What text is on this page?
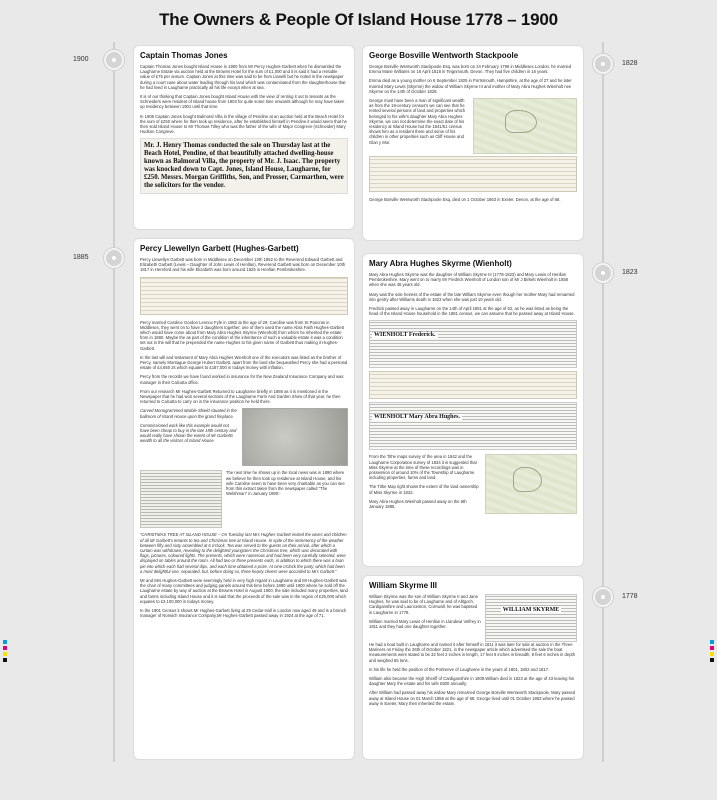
The Owners & People Of Island House 1778 – 1900
1900
1885
1828
1823
1778
Captain Thomas Jones

Captain Thomas Jones bought Island House in 1900 from Mr Percy Hughes-Garbett when he dismantled the Laugharne Estate via auction held at the Browns Hotel for the sum of £1,000 and it is said it had a rentable value of £75 per annum. Captain Jones at this time was said to be from Llanelli but he noted in the newspaper during a court case about water leading through his land which was contaminated from the slaughterhouse that he had lived in Laugharne practically all his life except when at sea.

It is of our thinking that Captain Jones bought Island House with the view of renting it out to tenants as the Schneiders were resident of Island house from 1903 for quite some time onwards although he may have taken up residency between 1901 until that time.

In 1908 Captain Jones bought Balmoral Villa in the village of Pendine at an auction held at the Beach Hotel for the sum of £250 where he then took up residence, after he established himself in Pendine it would seem that he then sold Island House to Mr Thomas Tilley who was the father of the wife of Major Congreve (Schneider) Mary Hudson Congreve.

Mr. J. Henry Thomas conducted the sale on Thursday last at the Beach Hotel, Pendine, of that beautifully attached dwelling-house known as Balmoral Villa, the property of Mr. J. Isaac. The property was knocked down to Capt. Jones, Island House, Laugharne, for £250. Messrs. Morgan Griffiths, Son, and Prosser, Carmarthen, were the solicitors for the vendor.
Percy Llewellyn Garbett (Hughes-Garbett)

Percy Llewellyn Garbett was born in Middlesex on December 10th 1852 to the Reverend Edward Garbett and Elizabeth Garbett (Lewis – Daughter of John Lewis of Henllan), Reverend Garbett was born on December 10th 1817 in Hereford and his wife Elizabeth was born around 1825 in Henllan Pembrokeshire.

Percy married Caroline Gordon Lennox Fyfe in 1882 at the age of 29, Caroline was from St Pancras in Middlesex, they went on to have 2 daughters together, one of them used the name Abra Faith Hughes-Garbett which would have come about from Mary Abra Hughes Skyrme (Wienholt) from whom he inherited the estate from in 1880. Maybe the as part of the condition of the inheritance of such a valuable estate it was a condition set out in the will that he prepended the name Hughes to his given name of Garbett thus making it Hughes-Garbett.

In the last will and testament of Mary Abra Hughes Wienholt one of the executors was listed as the brother of Percy, namely Montague George Hubert Garbett, apart from the land she bequeathed Percy she had a personal estate of £4,650 2s which equates to £187,000 in todays money with inflation.

Percy from the records we have found worked in insurance for the New Zealand Insurance Company and was manager in their Calcutta office.

From our research Mr Hughes-Garbett Returned to Laugharne briefly in 1886 as it is mentioned in the Newspaper that he had won several sections of the Laugharne Farm And Garden Show of that year, he then returned to Calcutta to carry on in the insurance position he held there.

Carved Monogrammed Marble Shield situated in the ballroom of Island House upon the grand fireplace.

Commissioned work like this example would not have been cheap to buy in the late 19th century and would really have shown the extent of Mr Garbetts wealth to all the visitors of Island House.

The next time he shows up in the local news was in 1890 where we believe he then took up residence at Island House, and his wife Caroline seem to have been very charitable as you can see from this extract taken from the newspaper called “The Welshman” in January 1890:-

“CHRISTMAS TREE AT ISLAND HOUSE – On Tuesday last Mrs Hughes-Garbett invited the wives and children of all Mr Garbett's tenants to tea and Christmas tree at Island House. In spite of the inclemency of the weather between fifty and sixty assembled at 6 o'clock. Tea was served to the guests on their arrival, after which a curtain was withdrawn, revealing to the delighted youngsters the Christmas tree, which was decorated with flags, pictures, coloured lights. The presents, which were numerous and had been very carefully selected, were displayed on tables around the room. All had two or three presents each, in addition to which there was a bran pie into which each had several dips, and each time obtained a prize. At nine o'clock the party, which had been a most delightful one, separated, but, before doing so, three hearty cheers were accorded to Mrs Garbett.”

Mr and Mrs Hughes-Garbett were seemingly held in very high regard in Laugharne and Mr Hughes-Garbett was the chair of many committees and judging panels around this time before 1890 until 1900 where he sold off the Laugharne estate by way of auction at the Browns Hotel in August 1900, the sale included many properties, land and farms including Island House and it is said that the proceeds of the sale was in the region of £25,000 which equates to £3,100,000 in todays money.

In the 1901 Census it shows Mr Hughes-Garbett living at 29 Cedar Hall in London now aged 49 and is a branch manager of Norwich Insurance Company,Mr Hughes-Garbett passed away in 1924 at the age of 71.

George Bosville Wentworth Stackpoole

George Bosville Wentworth Stackpoole Esq. was born on 24 February 1796 in Middlesex London, he married Emma Marie Williams on 16 April 1818 in Teignmouth, Devon. They had five children in 16 years.

Emma died as a young mother on 6 September 1825 in Portsmouth, Hampshire, at the age of 27 and he later married Mary Lewis (Skyrme) the widow of William Skyrme III and mother of Mary Abra Hughes Wienholt nee Skyrme on the 14th of October 1828.

George must have been a man of significant wealth as from the 19-century census's we can see that he rented several persons of land and properties which belonged to his wife's daughter Mary Abra Hughes Skyrme, we can not determine the exact date of his residency at Island House but the 1841/51 census shows him as a resident there and some of his children in other properties such as Cliff House and Glan y Mor.

George Bosville Wentworth Stackpoole Esq. died on 1 October 1863 in Exeter, Devon, at the age of 68.

Mary Abra Hughes Skyrme (Wienholt)

Mary Abra Hughes Skyrme was the daughter of William Skyrme III (1778-1823) and Mary Lewis of Henllan Pembrokeshire. Mary went on to marry Mr Fredrick Wienholt of London son of Mr J Birkett Wienholt in 1858 when she was 45 years old.

Mary was the sole heiress of the estate of the late William Skyrme even though her mother Mary had remarried into gentry after Williams death in 1823 when she was just 10 years old.

Fredrick passed away in Laugharne on the 14th of April 1881 at the age of 62, as he was listed as being the head of the Island House household in the 1881 census, we can assume that he passed away at Island House.

WIENHOLT Frederick.
WIENHOLT Mary Abra Hughes.

From the Tithe maps survey of the area in 1842 and the Laugharne Corporation survey of 1834 it is suggested that Miss Skyrme at the time of these recordings was in possession of around 10% of the Township of Laugharne including properties, farms and land.

The Tithe Map right shows the extent of the land ownership of Miss Skyrme in 1842.

Mary Abra Hughes Wienholt passed away on the 6th January 1885.

William Skyrme III

William Skyrme was the son of William Skyrme II and Jane Hughes, he was said to be of Laugharne and of Alltgoch, Cardiganshire and Launceston, Cornwall, he was baptised in Laugharne in 1778.

William married Mary Lewis of Henllan in Llandewi Velfrey in 1811 and they had one daughter together.

WILLIAM SKYRME

He had a boat built in Laugharne and named it after himself in 1811 it was later for sale at auction in the Three Mariners on Friday the 26th of October 1821, in the newspaper article which advertised the sale the boat measurements were stated to be 32 feet 2 inches in length, 17 feet 8 inches in breadth, 9 feet 6 inches in depth and weighed 65 tons.

In his life he held the position of the Portreeve of Laugharne in the years of 1801, 1802 and 1817.

William also became the High Sheriff of Cardiganshire in 1809.William died in 1823 at the age of 43 leaving his daughter Mary the estate and his wife £500 annually.

After William had passed away his widow Mary remarried George Bosville Wentworth Stackpoole, Mary passed away at Island House on 01 March 1856 at the age of 68, George lived until 01 October 1863 where he passed away in Exeter, Mary then inherited the estate.
